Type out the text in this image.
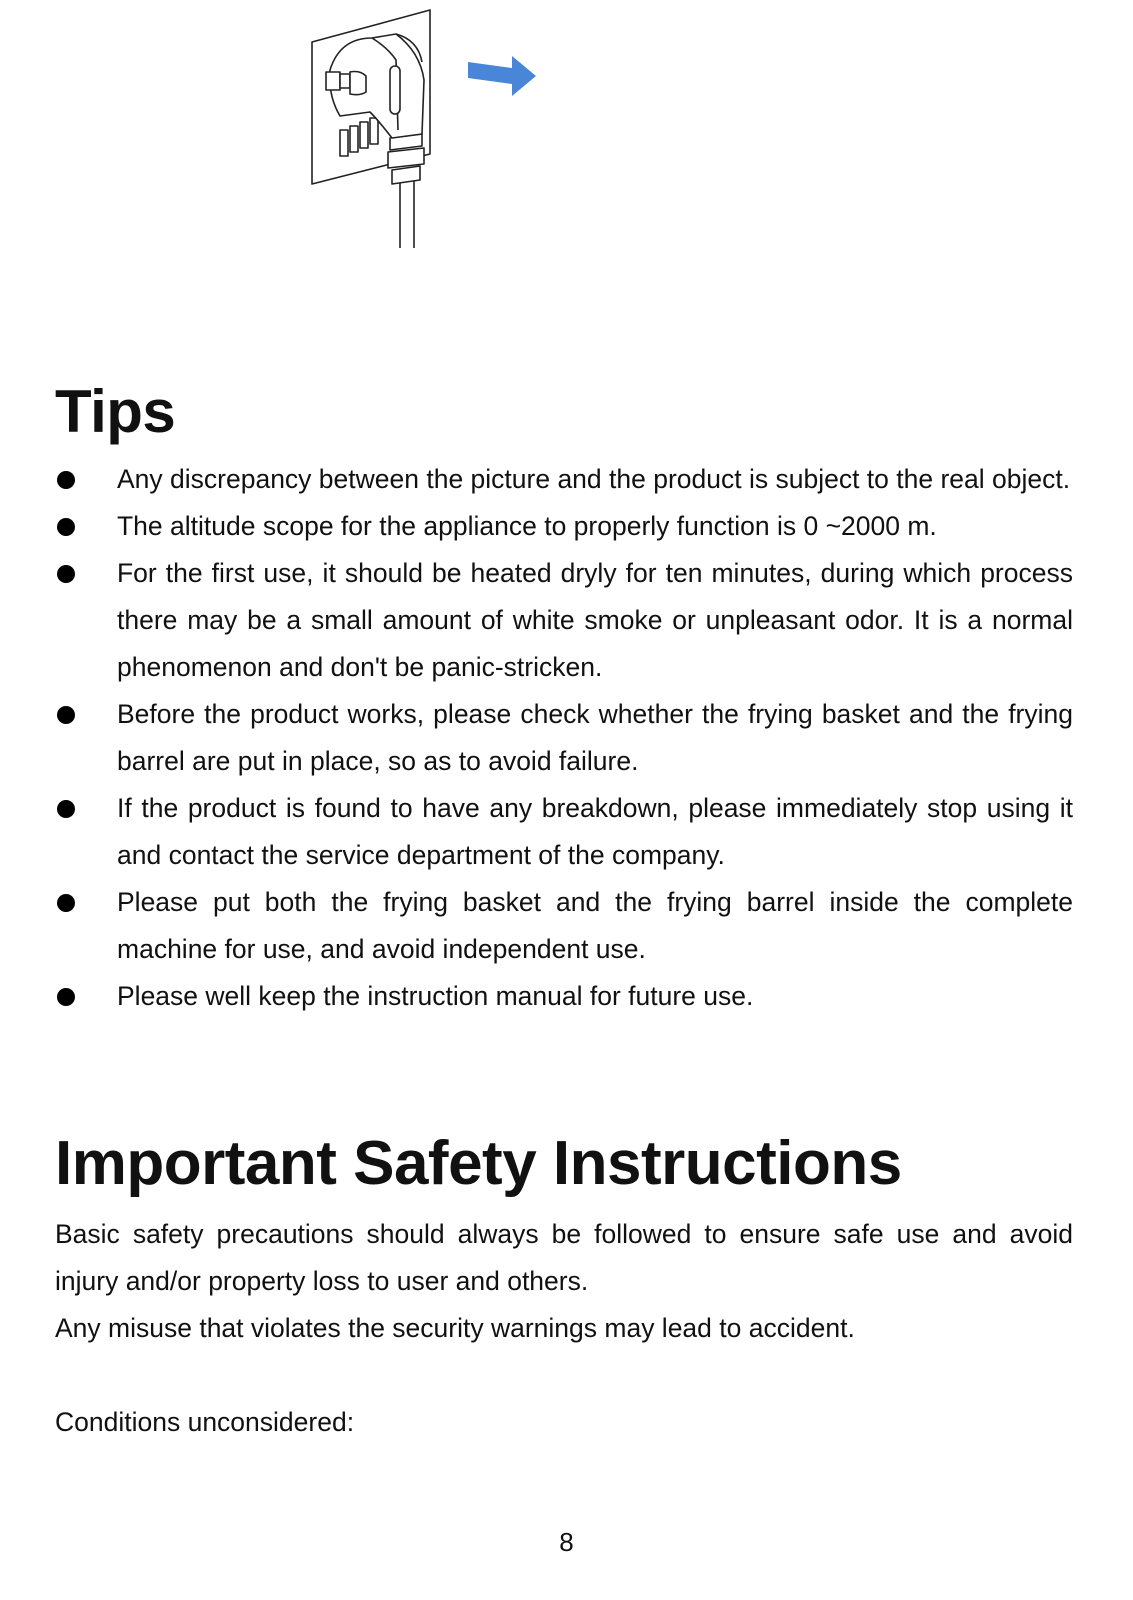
Tips
Any discrepancy between the picture and the product is subject to the real object.
The altitude scope for the appliance to properly function is 0 ~2000 m.
For the first use, it should be heated dryly for ten minutes, during which process there may be a small amount of white smoke or unpleasant odor. It is a normal phenomenon and don't be panic-stricken.
Before the product works, please check whether the frying basket and the frying barrel are put in place, so as to avoid failure.
If the product is found to have any breakdown, please immediately stop using it and contact the service department of the company.
Please put both the frying basket and the frying barrel inside the complete machine for use, and avoid independent use.
Please well keep the instruction manual for future use.
Important Safety Instructions

Basic safety precautions should always be followed to ensure safe use and avoid injury and/or property loss to user and others.

Any misuse that violates the security warnings may lead to accident.

Conditions unconsidered:

8
